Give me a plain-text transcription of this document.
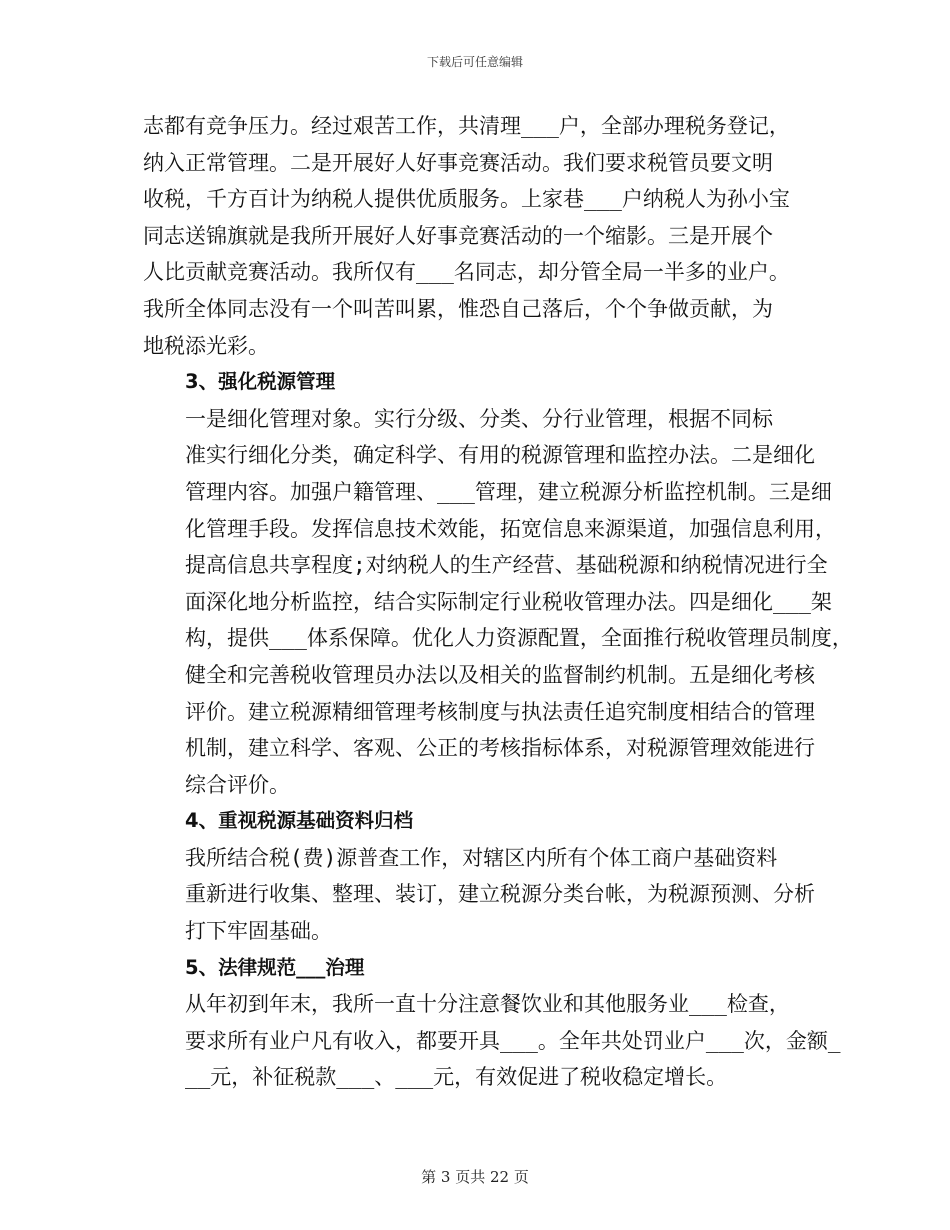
下载后可任意编辑
志都有竞争压力。经过艰苦工作，共清理___户，全部办理税务登记，
纳入正常管理。二是开展好人好事竞赛活动。我们要求税管员要文明
收税，千方百计为纳税人提供优质服务。上家巷___户纳税人为孙小宝
同志送锦旗就是我所开展好人好事竞赛活动的一个缩影。三是开展个
人比贡献竞赛活动。我所仅有___名同志，却分管全局一半多的业户。
我所全体同志没有一个叫苦叫累，惟恐自己落后，个个争做贡献，为
地税添光彩。
3、强化税源管理
一是细化管理对象。实行分级、分类、分行业管理，根据不同标
准实行细化分类，确定科学、有用的税源管理和监控办法。二是细化
管理内容。加强户籍管理、___管理，建立税源分析监控机制。三是细
化管理手段。发挥信息技术效能，拓宽信息来源渠道，加强信息利用，
提高信息共享程度;对纳税人的生产经营、基础税源和纳税情况进行全
面深化地分析监控，结合实际制定行业税收管理办法。四是细化___架
构，提供___体系保障。优化人力资源配置，全面推行税收管理员制度，
健全和完善税收管理员办法以及相关的监督制约机制。五是细化考核
评价。建立税源精细管理考核制度与执法责任追究制度相结合的管理
机制，建立科学、客观、公正的考核指标体系，对税源管理效能进行
综合评价。
4、重视税源基础资料归档
我所结合税(费)源普查工作，对辖区内所有个体工商户基础资料
重新进行收集、整理、装订，建立税源分类台帐，为税源预测、分析
打下牢固基础。
5、法律规范___治理
从年初到年末，我所一直十分注意餐饮业和其他服务业___检查，
要求所有业户凡有收入，都要开具___。全年共处罚业户___次，金额_
__元，补征税款___、___元，有效促进了税收稳定增长。
第 3 页共 22 页
